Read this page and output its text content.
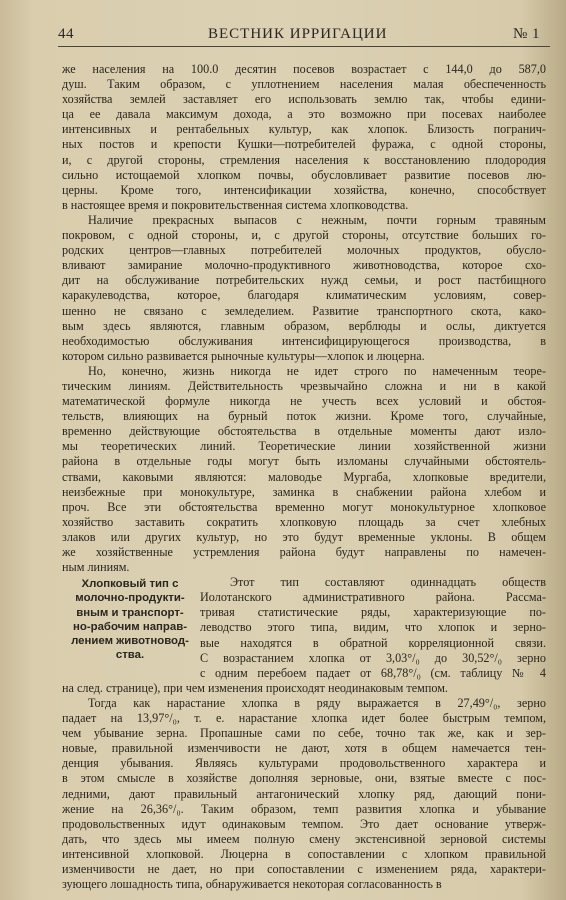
44	ВЕСТНИК ИРРИГАЦИИ	№ 1

же населения на 100.0 десятин посевов возрастает с 144,0 до 587,0
душ. Таким образом, с уплотнением населения малая обеспеченность
хозяйства землей заставляет его использовать землю так, чтобы едини-
ца ее давала максимум дохода, а это возможно при посевах наиболее
интенсивных и рентабельных культур, как хлопок. Близость погранич-
ных постов и крепости Кушки—потребителей фуража, с одной стороны,
и, с другой стороны, стремления населения к восстановлению плодородия
сильно истощаемой хлопком почвы, обусловливает развитие посевов лю-
церны. Кроме того, интенсификации хозяйства, конечно, способствует
в настоящее время и покровительственная система хлопководства.

Наличие прекрасных выпасов с нежным, почти горным травяным
покровом, с одной стороны, и, с другой стороны, отсутствие больших го-
родских центров—главных потребителей молочных продуктов, обусло-
вливают замирание молочно-продуктивного животноводства, которое схо-
дит на обслуживание потребительских нужд семьи, и рост пастбищного
каракулеводства, которое, благодаря климатическим условиям, совер-
шенно не связано с земледелием. Развитие транспортного скота, како-
вым здесь являются, главным образом, верблюды и ослы, диктуется
необходимостью обслуживания интенсифицирующегося производства, в
котором сильно развивается рыночные культуры—хлопок и люцерна.

Но, конечно, жизнь никогда не идет строго по намеченным теоре-
тическим линиям. Действительность чрезвычайно сложна и ни в какой
математической формуле никогда не учесть всех условий и обстоя-
тельств, влияющих на бурный поток жизни. Кроме того, случайные,
временно действующие обстоятельства в отдельные моменты дают изло-
мы теоретических линий. Теоретические линии хозяйственной жизни
района в отдельные годы могут быть изломаны случайными обстоятель-
ствами, каковыми являются: маловодье Мургаба, хлопковые вредители,
неизбежные при монокультуре, заминка в снабжении района хлебом и
проч. Все эти обстоятельства временно могут монокультурное хлопковое
хозяйство заставить сократить хлопковую площадь за счет хлебных
злаков или других культур, но это будут временные уклоны. В общем
же хозяйственные устремления района будут направлены по намечен-
ным линиям.

Хлопковый тип с
молочно-продукти-
вным и транспорт-
но-рабочим направ-
лением животновод-
ства.
Этот тип составляют одиннадцать обществ
Иолотанского административного района. Рассма-
тривая статистические ряды, характеризующие по-
леводство этого типа, видим, что хлопок и зерно-
вые находятся в обратной корреляционной связи.
С возрастанием хлопка от 3,03°/₀ до 30,52°/₀ зерно
с одним перебоем падает от 68,78°/₀ (см. таблицу № 4
на след. странице), при чем изменения происходят неодинаковым темпом.

Тогда как нарастание хлопка в ряду выражается в 27,49°/₀, зерно
падает на 13,97°/₀, т. е. нарастание хлопка идет более быстрым темпом,
чем убывание зерна. Пропашные сами по себе, точно так же, как и зер-
новые, правильной изменчивости не дают, хотя в общем намечается тен-
денция убывания. Являясь культурами продовольственного характера и
в этом смысле в хозяйстве дополняя зерновые, они, взятые вместе с пос-
ледними, дают правильный антагонический хлопку ряд, дающий пони-
жение на 26,36°/₀. Таким образом, темп развития хлопка и убывание
продовольственных идут одинаковым темпом. Это дает основание утверж-
дать, что здесь мы имеем полную смену экстенсивной зерновой системы
интенсивной хлопковой. Люцерна в сопоставлении с хлопком правильной
изменчивости не дает, но при сопоставлении с изменением ряда, характери-
зующего лошадность типа, обнаруживается некоторая согласованность в
